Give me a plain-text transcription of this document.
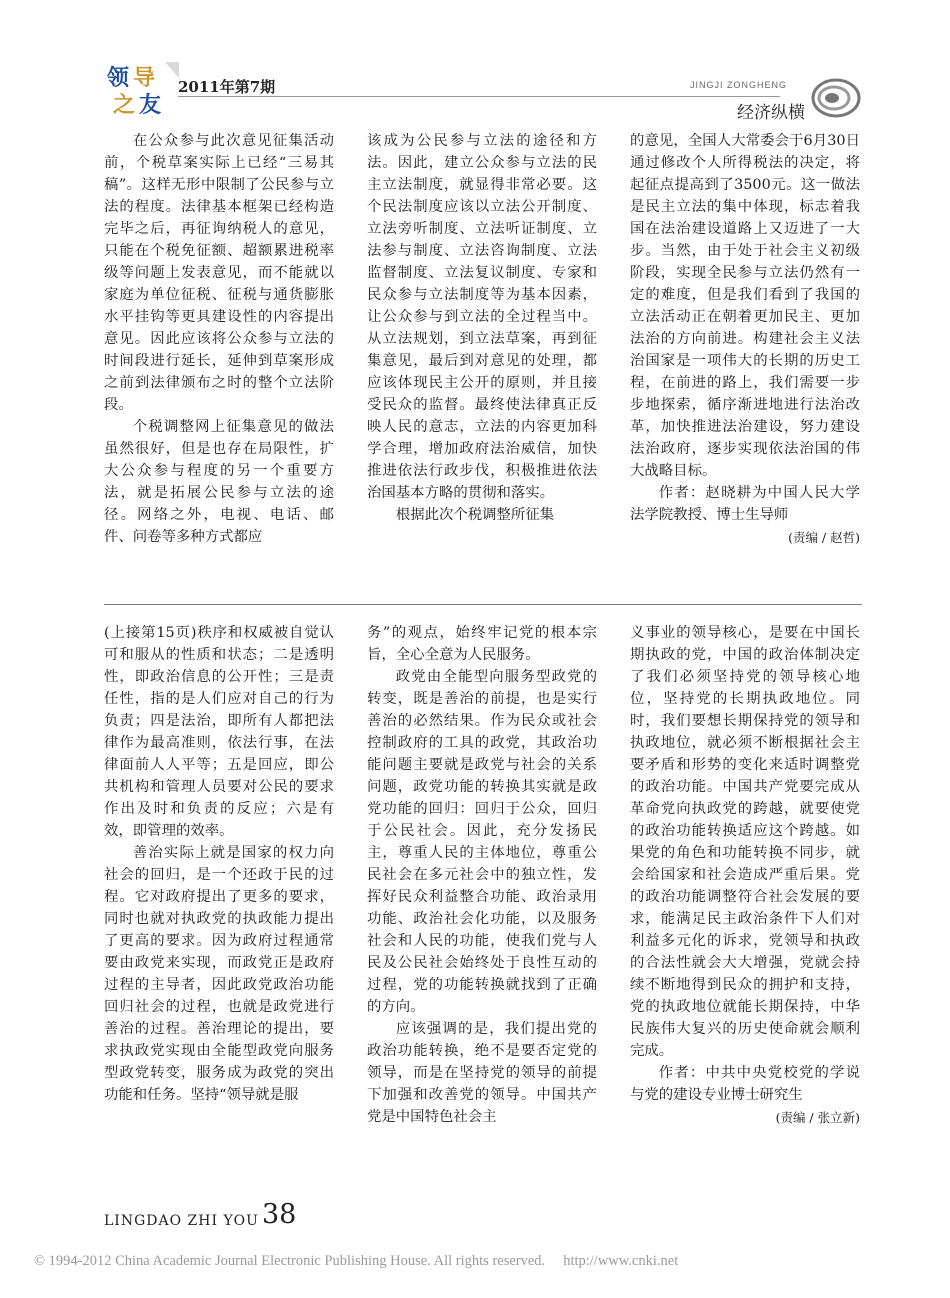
领 导
之 友
2011年第7期	JINGJI ZONGHENG
经济纵横

在公众参与此次意见征集活动前，个税草案实际上已经“三易其稿”。这样无形中限制了公民参与立法的程度。法律基本框架已经构造完毕之后，再征询纳税人的意见，只能在个税免征额、超额累进税率级等问题上发表意见，而不能就以家庭为单位征税、征税与通货膨胀水平挂钩等更具建设性的内容提出意见。因此应该将公众参与立法的时间段进行延长，延伸到草案形成之前到法律颁布之时的整个立法阶段。

个税调整网上征集意见的做法虽然很好，但是也存在局限性，扩大公众参与程度的另一个重要方法，就是拓展公民参与立法的途径。网络之外，电视、电话、邮件、问卷等多种方式都应

该成为公民参与立法的途径和方法。因此，建立公众参与立法的民主立法制度，就显得非常必要。这个民法制度应该以立法公开制度、立法旁听制度、立法听证制度、立法参与制度、立法咨询制度、立法监督制度、立法复议制度、专家和民众参与立法制度等为基本因素，让公众参与到立法的全过程当中。从立法规划，到立法草案，再到征集意见，最后到对意见的处理，都应该体现民主公开的原则，并且接受民众的监督。最终使法律真正反映人民的意志，立法的内容更加科学合理，增加政府法治威信，加快推进依法行政步伐，积极推进依法治国基本方略的贯彻和落实。

根据此次个税调整所征集

的意见，全国人大常委会于6月30日通过修改个人所得税法的决定，将起征点提高到了3500元。这一做法是民主立法的集中体现，标志着我国在法治建设道路上又迈进了一大步。当然，由于处于社会主义初级阶段，实现全民参与立法仍然有一定的难度，但是我们看到了我国的立法活动正在朝着更加民主、更加法治的方向前进。构建社会主义法治国家是一项伟大的长期的历史工程，在前进的路上，我们需要一步步地探索，循序渐进地进行法治改革，加快推进法治建设，努力建设法治政府，逐步实现依法治国的伟大战略目标。

作者：赵晓耕为中国人民大学法学院教授、博士生导师

(责编 / 赵哲)

(上接第15页)秩序和权威被自觉认可和服从的性质和状态；二是透明性，即政治信息的公开性；三是责任性，指的是人们应对自己的行为负责；四是法治，即所有人都把法律作为最高准则，依法行事，在法律面前人人平等；五是回应，即公共机构和管理人员要对公民的要求作出及时和负责的反应；六是有效，即管理的效率。

善治实际上就是国家的权力向社会的回归，是一个还政于民的过程。它对政府提出了更多的要求，同时也就对执政党的执政能力提出了更高的要求。因为政府过程通常要由政党来实现，而政党正是政府过程的主导者，因此政党政治功能回归社会的过程，也就是政党进行善治的过程。善治理论的提出，要求执政党实现由全能型政党向服务型政党转变，服务成为政党的突出功能和任务。坚持“领导就是服

务”的观点，始终牢记党的根本宗旨，全心全意为人民服务。

政党由全能型向服务型政党的转变，既是善治的前提，也是实行善治的必然结果。作为民众或社会控制政府的工具的政党，其政治功能问题主要就是政党与社会的关系问题，政党功能的转换其实就是政党功能的回归：回归于公众，回归于公民社会。因此，充分发扬民主，尊重人民的主体地位，尊重公民社会在多元社会中的独立性，发挥好民众利益整合功能、政治录用功能、政治社会化功能，以及服务社会和人民的功能，使我们党与人民及公民社会始终处于良性互动的过程，党的功能转换就找到了正确的方向。

应该强调的是，我们提出党的政治功能转换，绝不是要否定党的领导，而是在坚持党的领导的前提下加强和改善党的领导。中国共产党是中国特色社会主

义事业的领导核心，是要在中国长期执政的党，中国的政治体制决定了我们必须坚持党的领导核心地位，坚持党的长期执政地位。同时，我们要想长期保持党的领导和执政地位，就必须不断根据社会主要矛盾和形势的变化来适时调整党的政治功能。中国共产党要完成从革命党向执政党的跨越，就要使党的政治功能转换适应这个跨越。如果党的角色和功能转换不同步，就会给国家和社会造成严重后果。党的政治功能调整符合社会发展的要求，能满足民主政治条件下人们对利益多元化的诉求，党领导和执政的合法性就会大大增强，党就会持续不断地得到民众的拥护和支持，党的执政地位就能长期保持，中华民族伟大复兴的历史使命就会顺利完成。

作者：中共中央党校党的学说与党的建设专业博士研究生

(责编 / 张立新)

LINGDAO ZHI YOU 38
© 1994-2012 China Academic Journal Electronic Publishing House. All rights reserved. http://www.cnki.net
